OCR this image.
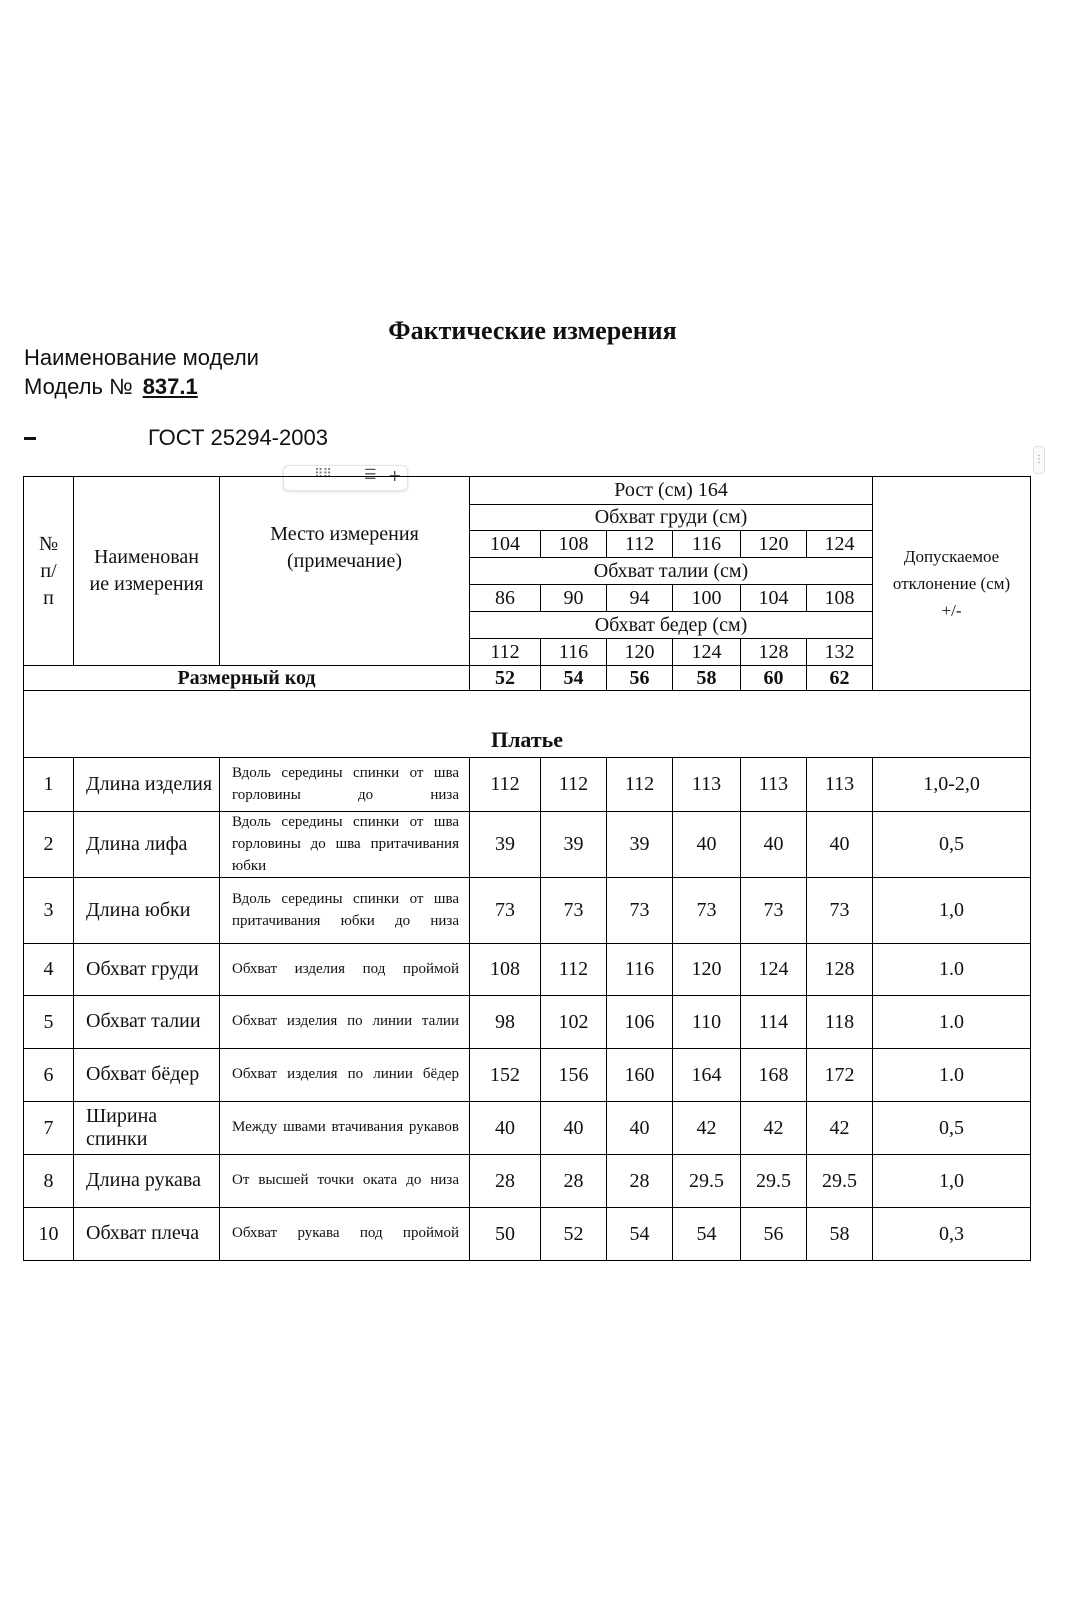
Фактические измерения
Наименование модели
Модель № 837.1
ГОСТ 25294-2003
⠿⠿ ☰ +
⋮
№ п/ п	Наименован ие измерения	Место измерения (примечание)	Рост (см) 164						Допускаемое отклонение (см) +/-

			Обхват груди (см)						
			104	108	112	116	120	124	
			Обхват талии (см)						
			86	90	94	100	104	108	
			Обхват бедер (см)						
			112	116	120	124	128	132	
Размерный код			52	54	56	58	60	62	
Платье									
1	Длина изделия	Вдоль середины спинки от шва горловины до низа	112	112	112	113	113	113	1,0-2,0
2	Длина лифа	Вдоль середины спинки от шва горловины до шва притачивания юбки	39	39	39	40	40	40	0,5
3	Длина юбки	Вдоль середины спинки от шва притачивания юбки до низа	73	73	73	73	73	73	1,0
4	Обхват груди	Обхват изделия под проймой	108	112	116	120	124	128	1.0
5	Обхват талии	Обхват изделия по линии талии	98	102	106	110	114	118	1.0
6	Обхват бёдер	Обхват изделия по линии бёдер	152	156	160	164	168	172	1.0
7	Ширина спинки	Между швами втачивания рукавов	40	40	40	42	42	42	0,5
8	Длина рукава	От высшей точки оката до низа	28	28	28	29.5	29.5	29.5	1,0
10	Обхват плеча	Обхват рукава под проймой	50	52	54	54	56	58	0,3
